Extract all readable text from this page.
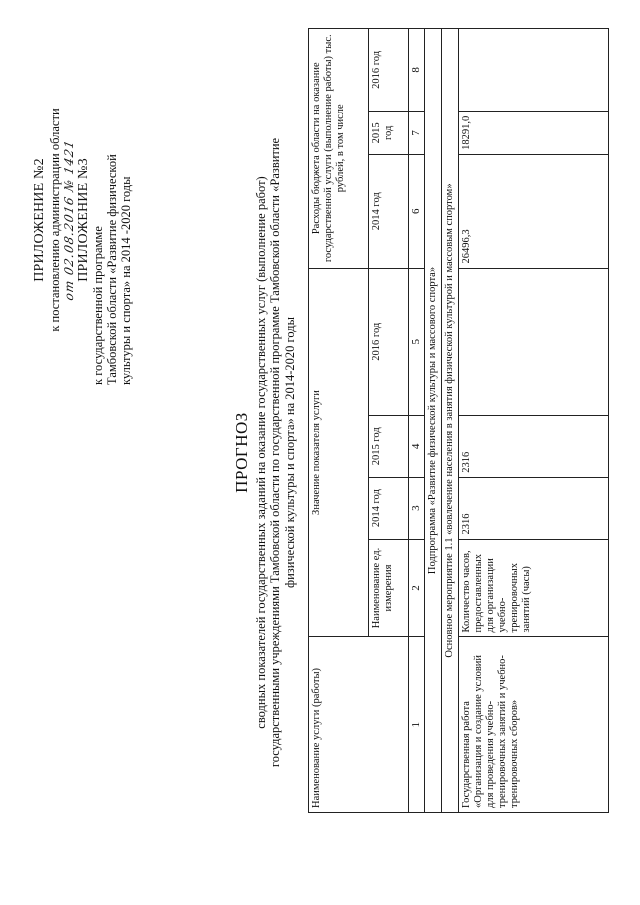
ПРИЛОЖЕНИЕ №2 к постановлению администрации области от 02.08.2016 № 1421 ПРИЛОЖЕНИЕ №3
к государственной программе Тамбовской области «Развитие физической культуры и спорта» на 2014 -2020 годы
ПРОГНОЗ сводных показателей государственных заданий на оказание государственных услуг (выполнение работ) государственными учреждениями Тамбовской области по государственной программе Тамбовской области «Развитие физической культуры и спорта» на 2014-2020 годы
Наименование услуги (работы)	Значение показателя услуги				Расходы бюджета области на оказание государственной услуги (выполнение работы) тыс. рублей, в том числе		
	Наименование ед. измерения	2014 год	2015 год	2016 год	2014 год	2015 год	2016 год
1	2	3	4	5	6	7	8
Подпрограмма «Развитие физической культуры и массового спорта»							
Основное мероприятие 1.1 «вовлечение населения в занятия физической культурой и массовым спортом»							
Государственная работа «Организация и создание условий для проведения учебно-тренировочных занятий и учебно-тренировочных сборов»	Количество часов, предоставленных для организации учебно-тренировочных занятий (часы)	2316	2316		26496,3	18291,0	
